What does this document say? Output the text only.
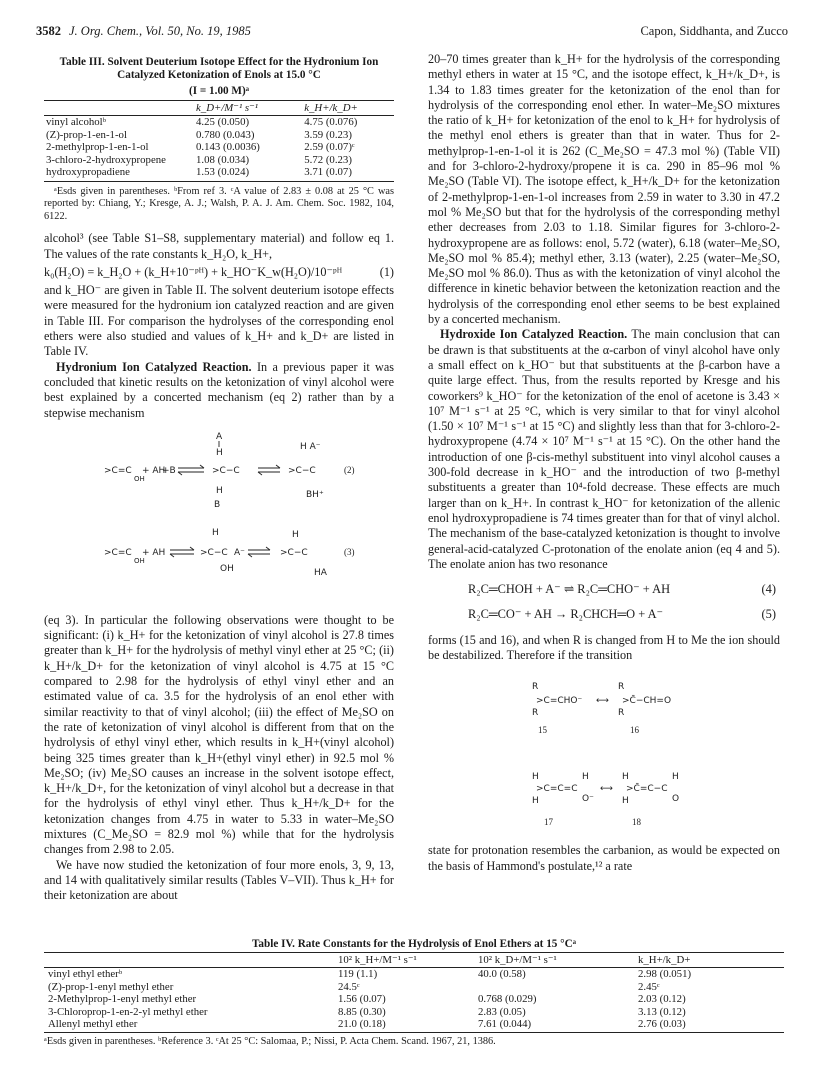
3582 J. Org. Chem., Vol. 50, No. 19, 1985	Capon, Siddhanta, and Zucco
Table III. Solvent Deuterium Isotope Effect for the Hydronium Ion Catalyzed Ketonization of Enols at 15.0 °C
(I = 1.00 M)ᵃ
	k_D+/M⁻¹ s⁻¹	k_H+/k_D+
vinyl alcoholᵇ	4.25 (0.050)	4.75 (0.076)
(Z)-prop-1-en-1-ol	0.780 (0.043)	3.59 (0.23)
2-methylprop-1-en-1-ol	0.143 (0.0036)	2.59 (0.07)ᶜ
3-chloro-2-hydroxypropene	1.08 (0.034)	5.72 (0.23)
hydroxypropadiene	1.53 (0.024)	3.71 (0.07)
ᵃEsds given in parentheses. ᵇFrom ref 3. ᶜA value of 2.83 ± 0.08 at 25 °C was reported by: Chiang, Y.; Kresge, A. J.; Walsh, P. A. J. Am. Chem. Soc. 1982, 104, 6122.

alcohol³ (see Table S1–S8, supplementary material) and follow eq 1. The values of the rate constants k_H₂O, k_H+,

k₀(H₂O) = k_H₂O + (k_H+10⁻ᵖᴴ) + k_HO⁻K_w(H₂O)/10⁻ᵖᴴ	(1)

and k_HO⁻ are given in Table II. The solvent deuterium isotope effects were measured for the hydronium ion catalyzed reaction and are given in Table III. For comparison the hydrolyses of the corresponding enol ethers were also studied and values of k_H+ and k_D+ are listed in Table IV.

Hydronium Ion Catalyzed Reaction. In a previous paper it was concluded that kinetic results on the ketonization of vinyl alcohol were best explained by a concerted mechanism (eq 2) rather than by a stepwise mechanism

>C=C
OH
+ AH
+B
A
H
>C−C
H
B
H A⁻
>C−C
BH⁺
(2)
>C=C
OH
+ AH
H
>C−C A⁻
OH
H
>C−C
HA
(3)

(eq 3). In particular the following observations were thought to be significant: (i) k_H+ for the ketonization of vinyl alcohol is 27.8 times greater than k_H+ for the hydrolysis of methyl vinyl ether at 25 °C; (ii) k_H+/k_D+ for the ketonization of vinyl alcohol is 4.75 at 15 °C compared to 2.98 for the hydrolysis of ethyl vinyl ether and an estimated value of ca. 3.5 for the hydrolysis of an enol ether with similar reactivity to that of vinyl alcohol; (iii) the effect of Me₂SO on the rate of ketonization of vinyl alcohol is different from that on the hydrolysis of ethyl vinyl ether, which results in k_H+(vinyl alcohol) being 325 times greater than k_H+(ethyl vinyl ether) in 92.5 mol % Me₂SO; (iv) Me₂SO causes an increase in the solvent isotope effect, k_H+/k_D+, for the ketonization of vinyl alcohol but a decrease in that for the hydrolysis of ethyl vinyl ether. Thus k_H+/k_D+ for the ketonization changes from 4.75 in water to 5.33 in water–Me₂SO mixtures (C_Me₂SO = 82.9 mol %) while that for the hydrolysis changes from 2.98 to 2.05.

We have now studied the ketonization of four more enols, 3, 9, 13, and 14 with qualitatively similar results (Tables V–VII). Thus k_H+ for their ketonization are about

20–70 times greater than k_H+ for the hydrolysis of the corresponding methyl ethers in water at 15 °C, and the isotope effect, k_H+/k_D+, is 1.34 to 1.83 times greater for the ketonization of the enol than for hydrolysis of the corresponding enol ether. In water–Me₂SO mixtures the ratio of k_H+ for ketonization of the enol to k_H+ for hydrolysis of the methyl enol ethers is greater than that in water. Thus for 2-methylprop-1-en-1-ol it is 262 (C_Me₂SO = 47.3 mol %) (Table VII) and for 3-chloro-2-hydroxy/propene it is ca. 290 in 85–96 mol % Me₂SO (Table VI). The isotope effect, k_H+/k_D+ for the ketonization of 2-methylprop-1-en-1-ol increases from 2.59 in water to 3.30 in 47.2 mol % Me₂SO but that for the hydrolysis of the corresponding methyl ether decreases from 2.03 to 1.18. Similar figures for 3-chloro-2-hydroxypropene are as follows: enol, 5.72 (water), 6.18 (water–Me₂SO, Me₂SO mol % 85.4); methyl ether, 3.13 (water), 2.25 (water–Me₂SO, Me₂SO mol % 86.0). Thus as with the ketonization of vinyl alcohol the difference in kinetic behavior between the ketonization reaction and the hydrolysis of the corresponding enol ether seems to be best explained by a concerted mechanism.

Hydroxide Ion Catalyzed Reaction. The main conclusion that can be drawn is that substituents at the α-carbon of vinyl alcohol have only a small effect on k_HO⁻ but that substituents at the β-carbon have a quite large effect. Thus, from the results reported by Kresge and his coworkers⁹ k_HO⁻ for the ketonization of the enol of acetone is 3.43 × 10⁷ M⁻¹ s⁻¹ at 25 °C, which is very similar to that for vinyl alcohol (1.50 × 10⁷ M⁻¹ s⁻¹ at 15 °C) and slightly less than that for 3-chloro-2-hydroxypropene (4.74 × 10⁷ M⁻¹ s⁻¹ at 15 °C). On the other hand the introduction of one β-cis-methyl substituent into vinyl alcohol causes a 300-fold decrease in k_HO⁻ and the introduction of two β-methyl substituents a greater than 10⁴-fold decrease. These effects are much larger than on k_H+. In contrast k_HO⁻ for ketonization of the allenic enol hydroxypropadiene is 74 times greater than for that of vinyl alchol. The mechanism of the base-catalyzed ketonization is thought to involve general-acid-catalyzed C-protonation of the enolate anion (eq 4 and 5). The enolate anion has two resonance

R₂C═CHOH + A⁻ ⇌ R₂C═CHO⁻ + AH	(4)
R₂C═CO⁻ + AH → R₂CHCH═O + A⁻	(5)

forms (15 and 16), and when R is changed from H to Me the ion should be destabilized. Therefore if the transition

R
>C=CHO⁻
R
⟷
R
>C̄−CH=O
R
15	16
H
>C=C=C
H
O⁻
H
⟷
H
>C̄=C−C
H
O
H
17	18

state for protonation resembles the carbanion, as would be expected on the basis of Hammond's postulate,¹² a rate

Table IV. Rate Constants for the Hydrolysis of Enol Ethers at 15 °Cᵃ
	10² k_H+/M⁻¹ s⁻¹	10² k_D+/M⁻¹ s⁻¹	k_H+/k_D+
vinyl ethyl etherᵇ	119 (1.1)	40.0 (0.58)	2.98 (0.051)
(Z)-prop-1-enyl methyl ether	24.5ᶜ		2.45ᶜ
2-Methylprop-1-enyl methyl ether	1.56 (0.07)	0.768 (0.029)	2.03 (0.12)
3-Chloroprop-1-en-2-yl methyl ether	8.85 (0.30)	2.83 (0.05)	3.13 (0.12)
Allenyl methyl ether	21.0 (0.18)	7.61 (0.044)	2.76 (0.03)
ᵃEsds given in parentheses. ᵇReference 3. ᶜAt 25 °C: Salomaa, P.; Nissi, P. Acta Chem. Scand. 1967, 21, 1386.
